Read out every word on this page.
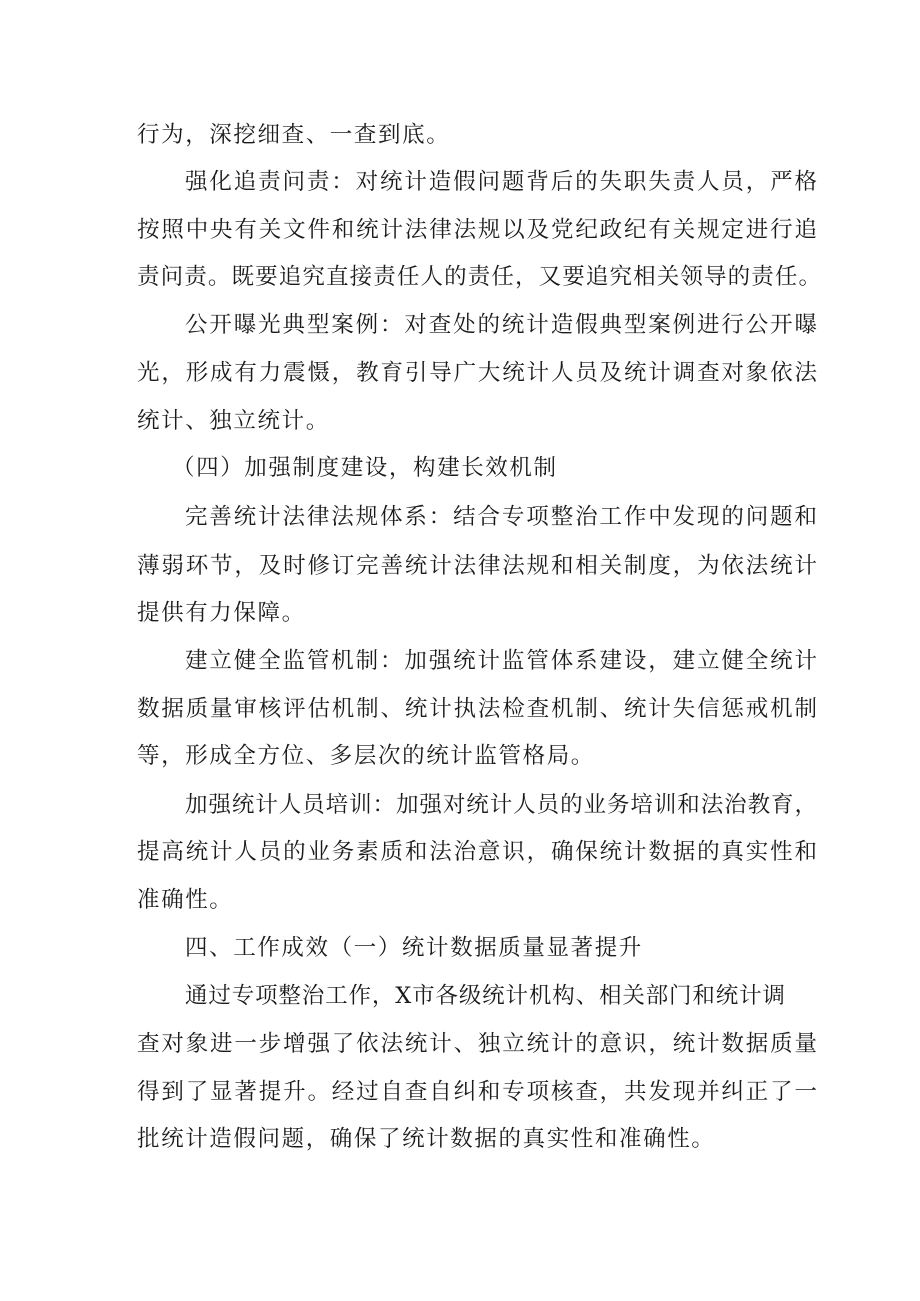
行为，深挖细查、一查到底。
强化追责问责：对统计造假问题背后的失职失责人员，严格
按照中央有关文件和统计法律法规以及党纪政纪有关规定进行追
责问责。既要追究直接责任人的责任，又要追究相关领导的责任。
公开曝光典型案例：对查处的统计造假典型案例进行公开曝
光，形成有力震慑，教育引导广大统计人员及统计调查对象依法
统计、独立统计。
（四）加强制度建设，构建长效机制
完善统计法律法规体系：结合专项整治工作中发现的问题和
薄弱环节，及时修订完善统计法律法规和相关制度，为依法统计
提供有力保障。
建立健全监管机制：加强统计监管体系建设，建立健全统计
数据质量审核评估机制、统计执法检查机制、统计失信惩戒机制
等，形成全方位、多层次的统计监管格局。
加强统计人员培训：加强对统计人员的业务培训和法治教育，
提高统计人员的业务素质和法治意识，确保统计数据的真实性和
准确性。
四、工作成效（一）统计数据质量显著提升
通过专项整治工作，X市各级统计机构、相关部门和统计调
查对象进一步增强了依法统计、独立统计的意识，统计数据质量
得到了显著提升。经过自查自纠和专项核查，共发现并纠正了一
批统计造假问题，确保了统计数据的真实性和准确性。
